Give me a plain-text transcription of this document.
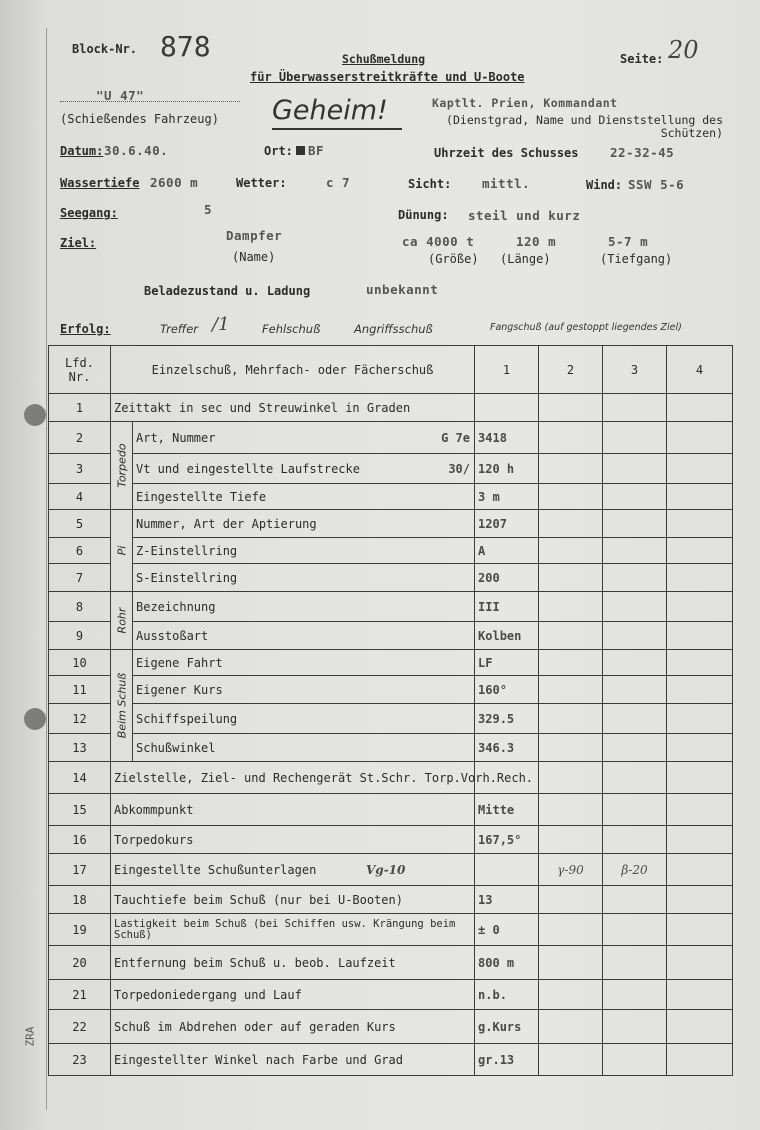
Block-Nr. 878	Schußmeldung
für Überwasserstreitkräfte und U-Boote
Seite: 20
"U 47"
(Schießendes Fahrzeug) Geheim!	Kaptlt. Prien, Kommandant
(Dienstgrad, Name und Dienststellung des Schützen)
Datum: 30.6.40.	Ort: BF	Uhrzeit des Schusses	22-32-45
Wassertiefe 2600 m	Wetter:	c 7	Sicht: mittl.	Wind: SSW 5-6
Seegang:	5	Dünung: steil und kurz
Ziel:	Dampfer
(Name)
ca 4000 t
(Größe)
120 m
(Länge)
5-7 m
(Tiefgang)
Beladezustand u. Ladung	unbekannt
Erfolg:	Treffer /1	Fehlschuß	Angriffsschuß	Fangschuß (auf gestoppt liegendes Ziel)
Lfd. Nr.	Einzelschuß, Mehrfach- oder Fächerschuß		1	2	3	4
1	Zeittakt in sec und Streuwinkel in Graden					
2	Torpedo	Art, Nummer G 7e	3418			
3		Vt und eingestellte Laufstrecke 30/	120 h			
4		Eingestellte Tiefe	3 m			
5	Pi	Nummer, Art der Aptierung	1207			
6		Z-Einstellring	A			
7		S-Einstellring	200			
8	Rohr	Bezeichnung	III			
9		Ausstoßart	Kolben			
10	Beim Schuß	Eigene Fahrt	LF			
11		Eigener Kurs	160°			
12		Schiffspeilung	329.5			
13		Schußwinkel	346.3			
14	Zielstelle, Ziel- und Rechengerät St.Schr. Torp.Vorh.Rech.					
15	Abkommpunkt		Mitte			
16	Torpedokurs		167,5°			
17	Eingestellte Schußunterlagen Vg-10			γ-90	β-20	
18	Tauchtiefe beim Schuß (nur bei U-Booten)		13			
19	Lastigkeit beim Schuß (bei Schiffen usw. Krängung beim Schuß)		± 0			
20	Entfernung beim Schuß u. beob. Laufzeit		800 m			
21	Torpedoniedergang und Lauf		n.b.			
22	Schuß im Abdrehen oder auf geraden Kurs		g.Kurs			
23	Eingestellter Winkel nach Farbe und Grad		gr.13			
ZRA
